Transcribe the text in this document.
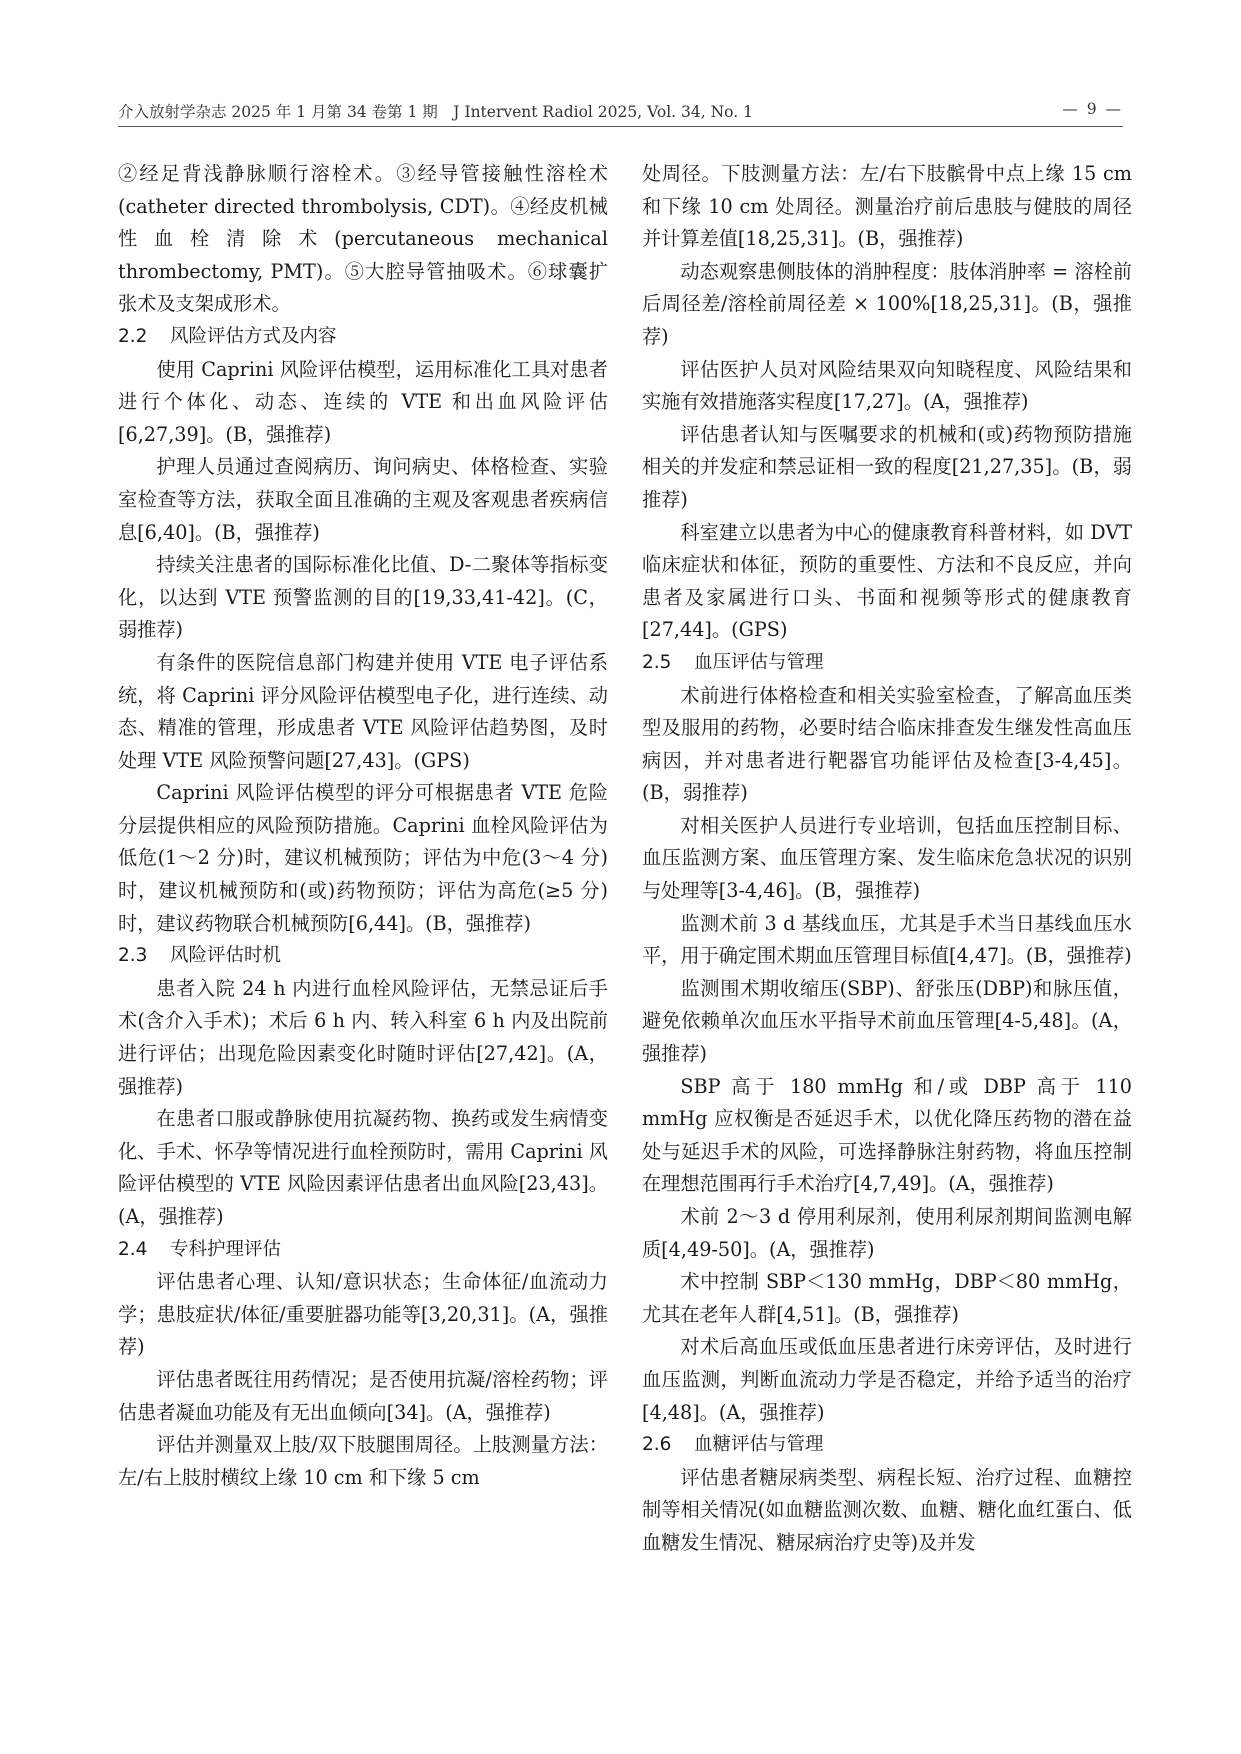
介入放射学杂志 2025 年 1 月第 34 卷第 1 期　J Intervent Radiol 2025, Vol. 34, No. 1	— 9 —

②经足背浅静脉顺行溶栓术。③经导管接触性溶栓术(catheter directed thrombolysis, CDT)。④经皮机械性血栓清除术(percutaneous mechanical thrombectomy, PMT)。⑤大腔导管抽吸术。⑥球囊扩张术及支架成形术。

2.2 风险评估方式及内容

使用 Caprini 风险评估模型，运用标准化工具对患者进行个体化、动态、连续的 VTE 和出血风险评估[6,27,39]。(B，强推荐)

护理人员通过查阅病历、询问病史、体格检查、实验室检查等方法，获取全面且准确的主观及客观患者疾病信息[6,40]。(B，强推荐)

持续关注患者的国际标准化比值、D-二聚体等指标变化，以达到 VTE 预警监测的目的[19,33,41-42]。(C，弱推荐)

有条件的医院信息部门构建并使用 VTE 电子评估系统，将 Caprini 评分风险评估模型电子化，进行连续、动态、精准的管理，形成患者 VTE 风险评估趋势图，及时处理 VTE 风险预警问题[27,43]。(GPS)

Caprini 风险评估模型的评分可根据患者 VTE 危险分层提供相应的风险预防措施。Caprini 血栓风险评估为低危(1～2 分)时，建议机械预防；评估为中危(3～4 分)时，建议机械预防和(或)药物预防；评估为高危(≥5 分)时，建议药物联合机械预防[6,44]。(B，强推荐)

2.3 风险评估时机

患者入院 24 h 内进行血栓风险评估，无禁忌证后手术(含介入手术)；术后 6 h 内、转入科室 6 h 内及出院前进行评估；出现危险因素变化时随时评估[27,42]。(A，强推荐)

在患者口服或静脉使用抗凝药物、换药或发生病情变化、手术、怀孕等情况进行血栓预防时，需用 Caprini 风险评估模型的 VTE 风险因素评估患者出血风险[23,43]。(A，强推荐)

2.4 专科护理评估

评估患者心理、认知/意识状态；生命体征/血流动力学；患肢症状/体征/重要脏器功能等[3,20,31]。(A，强推荐)

评估患者既往用药情况；是否使用抗凝/溶栓药物；评估患者凝血功能及有无出血倾向[34]。(A，强推荐)

评估并测量双上肢/双下肢腿围周径。上肢测量方法：左/右上肢肘横纹上缘 10 cm 和下缘 5 cm

处周径。下肢测量方法：左/右下肢髌骨中点上缘 15 cm 和下缘 10 cm 处周径。测量治疗前后患肢与健肢的周径并计算差值[18,25,31]。(B，强推荐)

动态观察患侧肢体的消肿程度：肢体消肿率 = 溶栓前后周径差/溶栓前周径差 × 100%[18,25,31]。(B，强推荐)

评估医护人员对风险结果双向知晓程度、风险结果和实施有效措施落实程度[17,27]。(A，强推荐)

评估患者认知与医嘱要求的机械和(或)药物预防措施相关的并发症和禁忌证相一致的程度[21,27,35]。(B，弱推荐)

科室建立以患者为中心的健康教育科普材料，如 DVT 临床症状和体征，预防的重要性、方法和不良反应，并向患者及家属进行口头、书面和视频等形式的健康教育[27,44]。(GPS)

2.5 血压评估与管理

术前进行体格检查和相关实验室检查，了解高血压类型及服用的药物，必要时结合临床排查发生继发性高血压病因，并对患者进行靶器官功能评估及检查[3-4,45]。(B，弱推荐)

对相关医护人员进行专业培训，包括血压控制目标、血压监测方案、血压管理方案、发生临床危急状况的识别与处理等[3-4,46]。(B，强推荐)

监测术前 3 d 基线血压，尤其是手术当日基线血压水平，用于确定围术期血压管理目标值[4,47]。(B，强推荐)

监测围术期收缩压(SBP)、舒张压(DBP)和脉压值，避免依赖单次血压水平指导术前血压管理[4-5,48]。(A，强推荐)

SBP 高于 180 mmHg 和/或 DBP 高于 110 mmHg 应权衡是否延迟手术，以优化降压药物的潜在益处与延迟手术的风险，可选择静脉注射药物，将血压控制在理想范围再行手术治疗[4,7,49]。(A，强推荐)

术前 2～3 d 停用利尿剂，使用利尿剂期间监测电解质[4,49-50]。(A，强推荐)

术中控制 SBP＜130 mmHg，DBP＜80 mmHg，尤其在老年人群[4,51]。(B，强推荐)

对术后高血压或低血压患者进行床旁评估，及时进行血压监测，判断血流动力学是否稳定，并给予适当的治疗[4,48]。(A，强推荐)

2.6 血糖评估与管理

评估患者糖尿病类型、病程长短、治疗过程、血糖控制等相关情况(如血糖监测次数、血糖、糖化血红蛋白、低血糖发生情况、糖尿病治疗史等)及并发
